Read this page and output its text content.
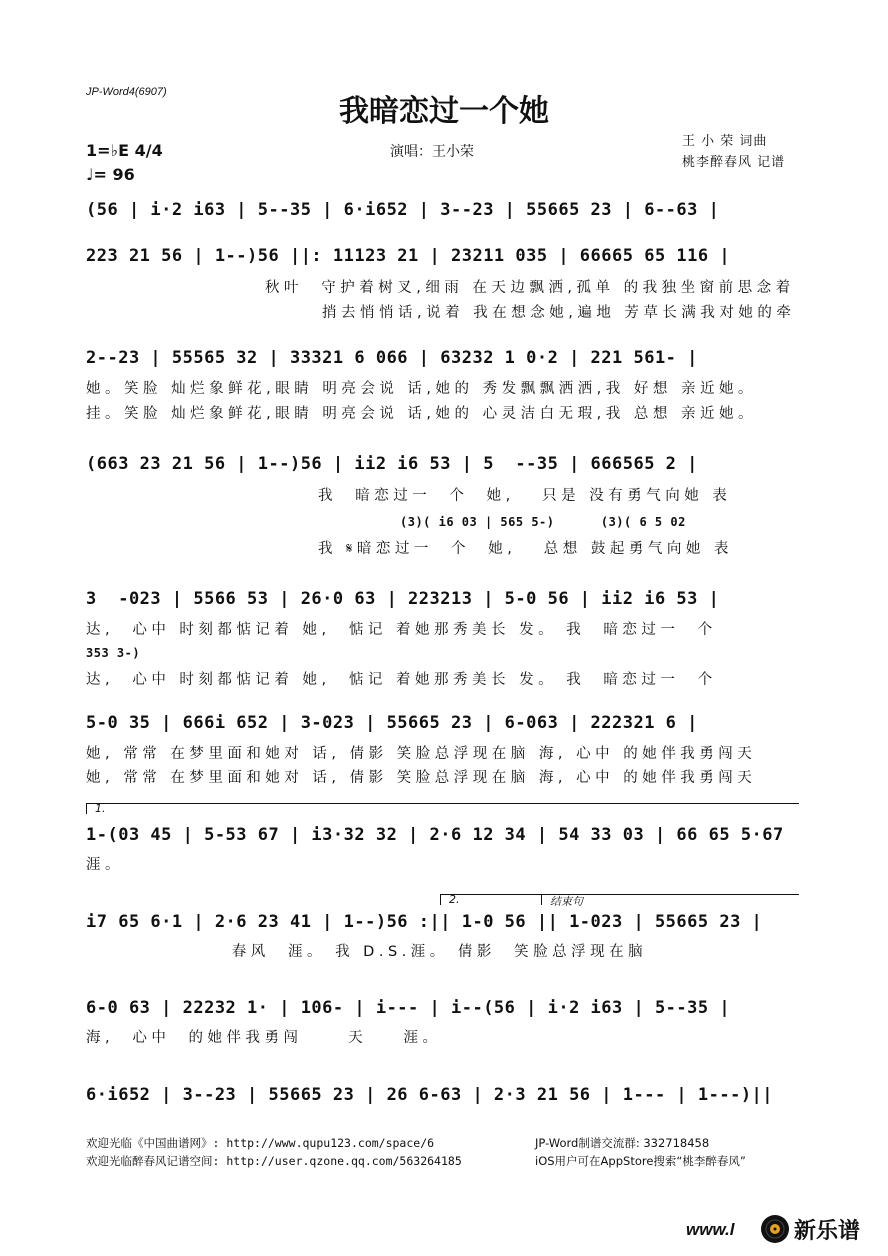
JP-Word4(6907)
我暗恋过一个她
演唱：王小荣
王 小 荣 词曲
桃李醉春风 记谱
1=♭E 4/4
♩= 96
(56 | i·2 i63 | 5--35 | 6·i652 | 3--23 | 55665 23 | 6--63 |
223 21 56 | 1--)56 ||: 11123 21 | 23211 035 | 66665 65 116 |
秋叶  守护着树叉,细雨 在天边飘洒,孤单 的我独坐窗前思念着
捎去悄悄话,说着 我在想念她,遍地 芳草长满我对她的牵
2--23 | 55565 32 | 33321 6 066 | 63232 1 0·2 | 221 561- |
她。笑脸 灿烂象鲜花,眼睛 明亮会说 话,她的 秀发飘飘洒洒,我 好想 亲近她。
挂。笑脸 灿烂象鲜花,眼睛 明亮会说 话,她的 心灵洁白无瑕,我 总想 亲近她。
(663 23 21 56 | 1--)56 | ii2 i6 53 | 5  --35 | 666565 2 |
我  暗恋过一  个  她,   只是 没有勇气向她 表
(3)( i6 03 | 565 5-)      (3)( 6 5 02
我 𝄋暗恋过一  个  她,   总想 鼓起勇气向她 表
3  -023 | 5566 53 | 26·0 63 | 223213 | 5-0 56 | ii2 i6 53 |
达,  心中 时刻都惦记着 她,  惦记 着她那秀美长 发。 我  暗恋过一  个
353 3-)
达,  心中 时刻都惦记着 她,  惦记 着她那秀美长 发。 我  暗恋过一  个
5-0 35 | 666i 652 | 3-023 | 55665 23 | 6-063 | 222321 6 |
她, 常常 在梦里面和她对 话, 倩影 笑脸总浮现在脑 海, 心中 的她伴我勇闯天
她, 常常 在梦里面和她对 话, 倩影 笑脸总浮现在脑 海, 心中 的她伴我勇闯天
1.
1-(03 45 | 5-53 67 | i3·32 32 | 2·6 12 34 | 54 33 03 | 66 65 5·67
涯。
2.	结束句
i7 65 6·1 | 2·6 23 41 | 1--)56 :|| 1-0 56 || 1-023 | 55665 23 |
春风  涯。 我 D.S.涯。 倩影  笑脸总浮现在脑
6-0 63 | 22232 1· | 106- | i--- | i--(56 | i·2 i63 | 5--35 |
海,  心中  的她伴我勇闯     天    涯。
6·i652 | 3--23 | 55665 23 | 26 6-63 | 2·3 21 56 | 1--- | 1---)||
欢迎光临《中国曲谱网》: http://www.qupu123.com/space/6
欢迎光临醉春风记谱空间: http://user.qzone.qq.com/563264185
JP-Word制谱交流群: 332718458
iOS用户可在AppStore搜索“桃李醉春风”
www.l	新乐谱
